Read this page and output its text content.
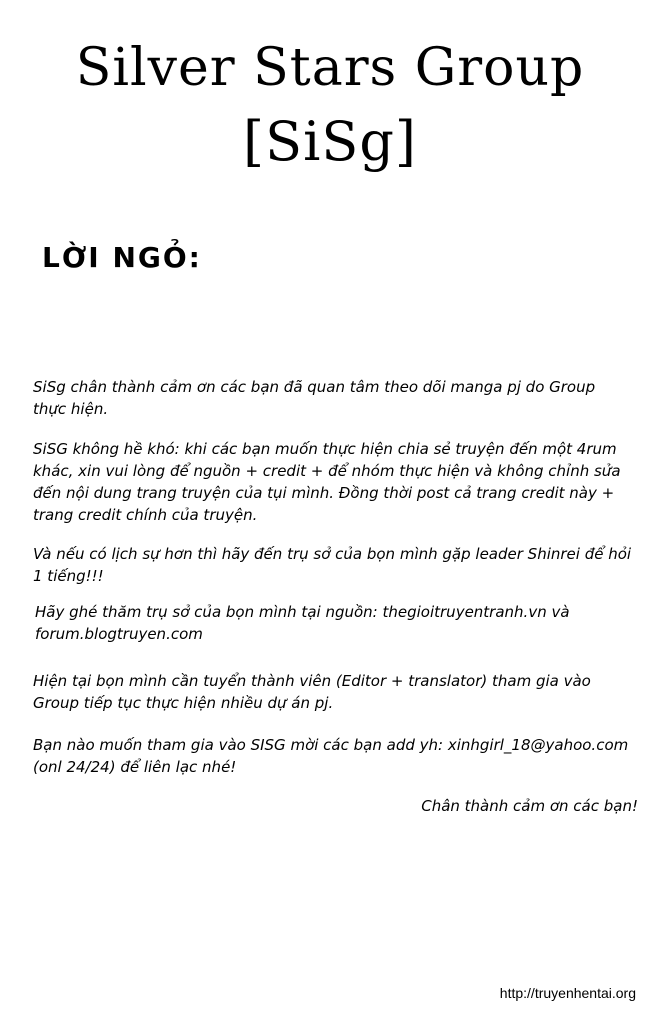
Silver Stars Group
[SiSg]
LỜI NGỎ:

SiSg chân thành cảm ơn các bạn đã quan tâm theo dõi manga pj do Group thực hiện.

SiSG không hề khó: khi các bạn muốn thực hiện chia sẻ truyện đến một 4rum khác, xin vui lòng để nguồn + credit + để nhóm thực hiện và không chỉnh sửa đến nội dung trang truyện của tụi mình. Đồng thời post cả trang credit này + trang credit chính của truyện.

Và nếu có lịch sự hơn thì hãy đến trụ sở của bọn mình gặp leader Shinrei để hỏi 1 tiếng!!!

Hãy ghé thăm trụ sở của bọn mình tại nguồn: thegioitruyentranh.vn và forum.blogtruyen.com

Hiện tại bọn mình cần tuyển thành viên (Editor + translator) tham gia vào Group tiếp tục thực hiện nhiều dự án pj.

Bạn nào muốn tham gia vào SISG mời các bạn add yh: xinhgirl_18@yahoo.com (onl 24/24) để liên lạc nhé!

Chân thành cảm ơn các bạn!

http://truyenhentai.org
